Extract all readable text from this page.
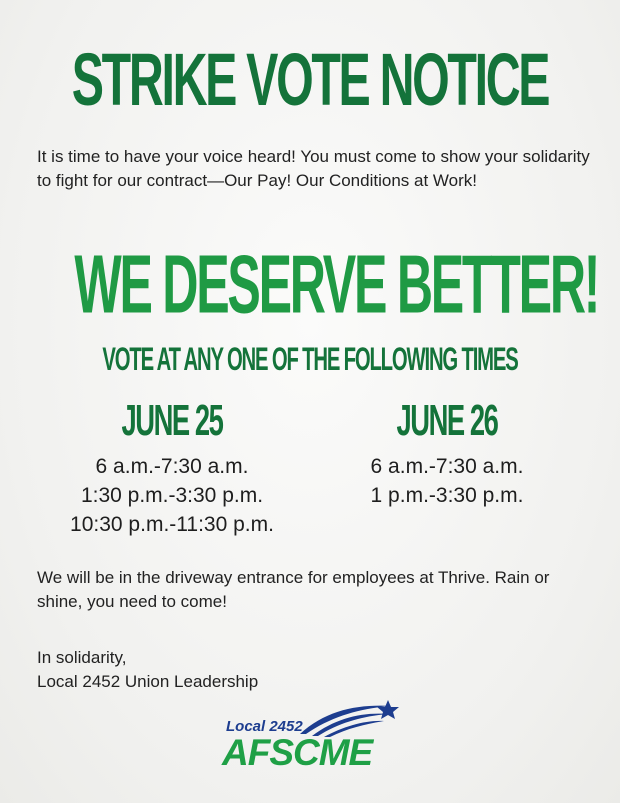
STRIKE VOTE NOTICE
It is time to have your voice heard! You must come to show your solidarity to fight for our contract—Our Pay! Our Conditions at Work!
WE DESERVE BETTER!
VOTE AT ANY ONE OF THE FOLLOWING TIMES
JUNE 25	JUNE 26
6 a.m.-7:30 a.m.
1:30 p.m.-3:30 p.m.
10:30 p.m.-11:30 p.m.
6 a.m.-7:30 a.m.
1 p.m.-3:30 p.m.
We will be in the driveway entrance for employees at Thrive. Rain or shine, you need to come!
In solidarity,
Local 2452 Union Leadership
Local 2452
AFSCME
